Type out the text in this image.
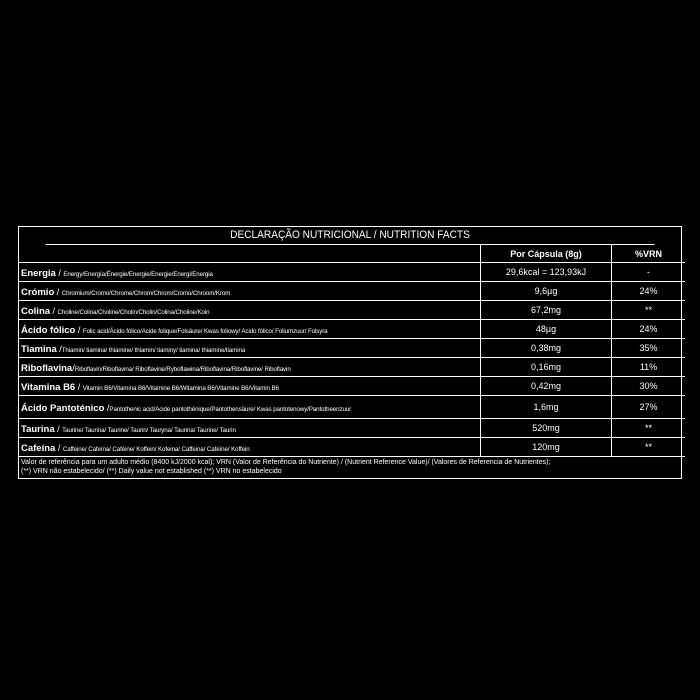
DECLARAÇÃO NUTRICIONAL / NUTRITION FACTS
	Por Cápsula (8g)	%VRN
Energia / Energy/Energía/Énergie/Energie/Energie/Energi/Energia	29,6kcal = 123,93kJ	-
Crómio / Chromium/Cromo/Chrome/Chrom/Chrom/Cromo/Chroom/Krom	9,6µg	24%
Colina / Choline/Colina/Choline/Cholin/Cholin/Colina/Choline/Koin	67,2mg	**
Ácido fólico / Folic acid/Ácido fólico/Acide folique/Folsäure/ Kwas foliowy/ Acido fólico/ Foliumzuur/ Folsyra	48µg	24%
Tiamina /Thiamin/ tiamina/ thiamine/ thiamin/ tiaminy/ tiamina/ thiamine/tiamina	0,38mg	35%
Riboflavina/Riboflavin/Riboflavina/ Riboflavine/Ryboflawina/Riboflavina/Riboflavine/ Riboflavin	0,16mg	11%
Vitamina B6 / Vitamin B6/Vitamina B6/Vitamine B6/Witamina B6/Vitamine B6/Vitamin B6	0,42mg	30%
Ácido Pantoténico /Pantothenic acid/Acide pantothénique/Pantothensäure/ Kwas pantotenowy/Pantotheenzuur	1,6mg	27%
Taurina / Taurine/ Taurina/ Taurine/ Taurin/ Tauryna/ Taurina/ Taurine/ Taurin	520mg	**
Cafeína / Caffeine/ Cafeína/ Caféine/ Koffein/ Kofeina/ Caffeina/ Cafeïne/ Koffein	120mg	**
Valor de referência para um adulto médio (8400 kJ/2000 kcal); VRN (Valor de Referência do Nutriente) / (Nutrient Reference Value)/ (Valores de Referencia de Nutrientes);
(**) VRN não estabelecido/ (**) Daily value not established (**) VRN no estabelecido
